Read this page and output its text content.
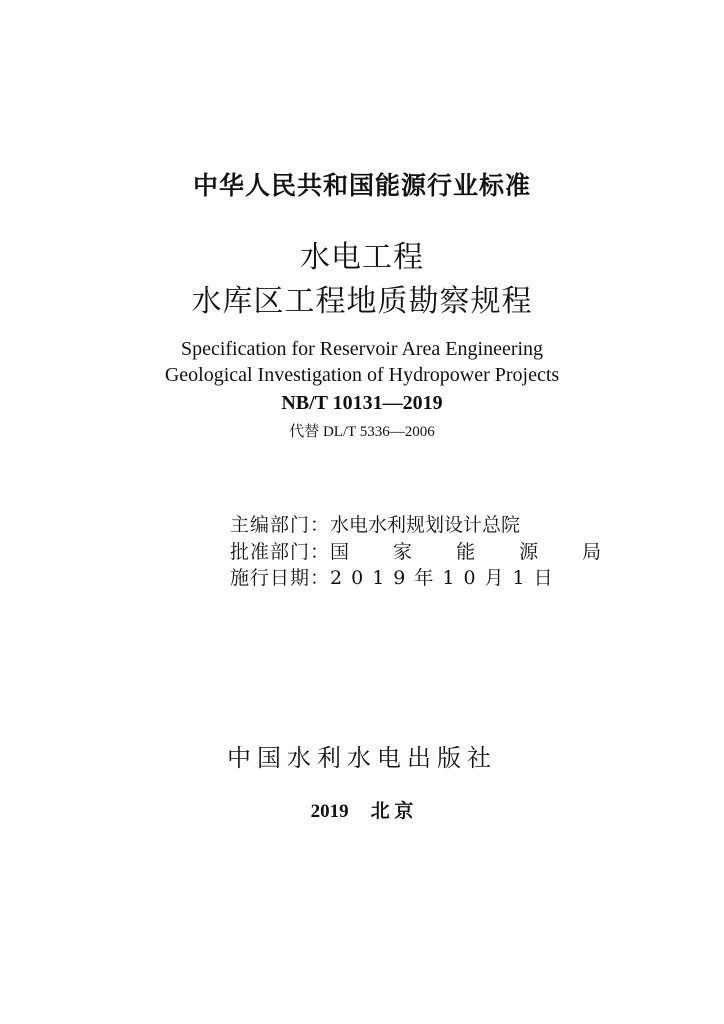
中华人民共和国能源行业标准
水电工程
水库区工程地质勘察规程
Specification for Reservoir Area Engineering
Geological Investigation of Hydropower Projects
NB/T 10131—2019
代替 DL/T 5336—2006
主编部门： 水电水利规划设计总院
批准部门： 国 家 能 源 局
施行日期： 2019年10月1日
中国水利水电出版社
2019 北 京
